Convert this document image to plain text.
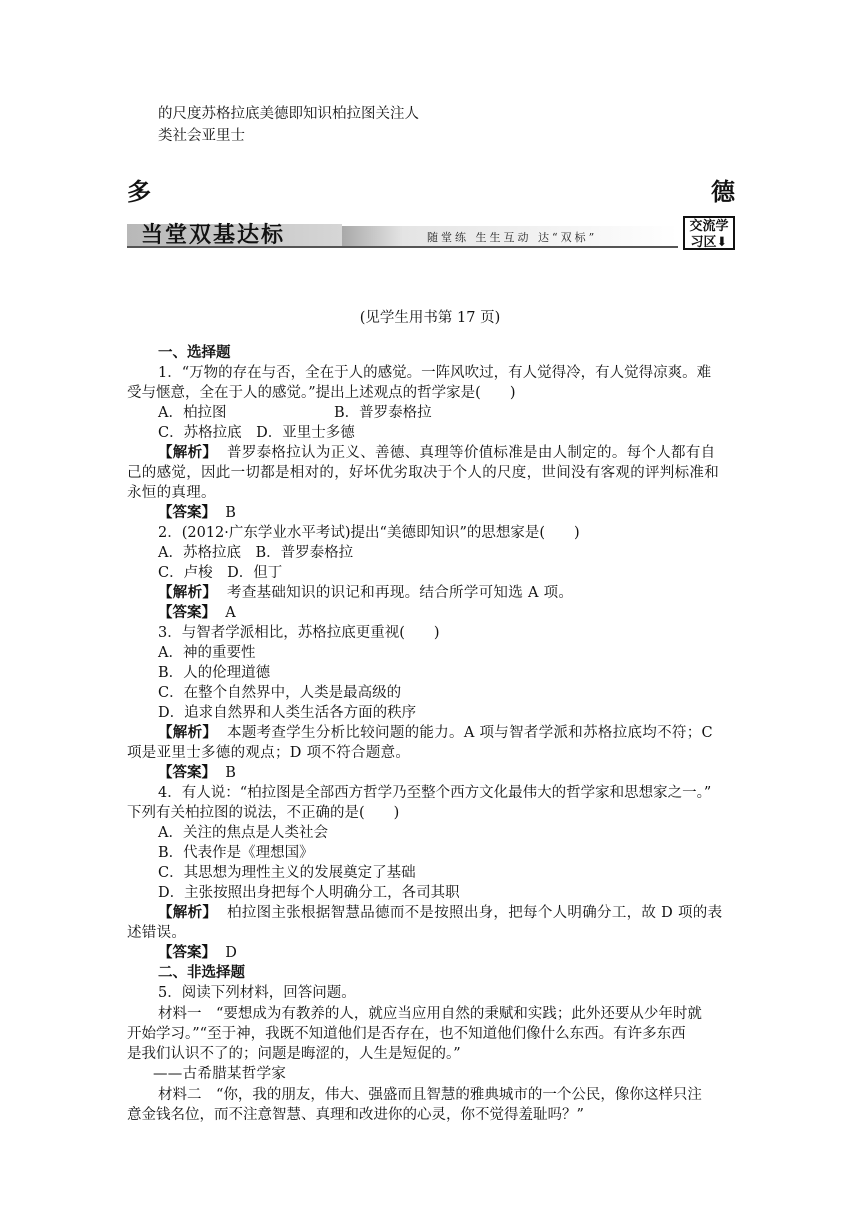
的尺度苏格拉底美德即知识柏拉图关注人
类社会亚里士
多	德
当堂双基达标	随堂练 生生互动 达“双标”
交流学
习区⬇
(见学生用书第 17 页)
一、选择题
1．“万物的存在与否，全在于人的感觉。一阵风吹过，有人觉得冷，有人觉得凉爽。难
受与惬意，全在于人的感觉。”提出上述观点的哲学家是(　　)
A．柏拉图	B．普罗泰格拉
C．苏格拉底　D．亚里士多德
【解析】 普罗泰格拉认为正义、善德、真理等价值标准是由人制定的。每个人都有自
己的感觉，因此一切都是相对的，好坏优劣取决于个人的尺度，世间没有客观的评判标准和
永恒的真理。
【答案】 B
2．(2012·广东学业水平考试)提出“美德即知识”的思想家是(　　)
A．苏格拉底　B．普罗泰格拉
C．卢梭　D．但丁
【解析】 考查基础知识的识记和再现。结合所学可知选 A 项。
【答案】 A
3．与智者学派相比，苏格拉底更重视(　　)
A．神的重要性
B．人的伦理道德
C．在整个自然界中，人类是最高级的
D．追求自然界和人类生活各方面的秩序
【解析】 本题考查学生分析比较问题的能力。A 项与智者学派和苏格拉底均不符；C
项是亚里士多德的观点；D 项不符合题意。
【答案】 B
4．有人说：“柏拉图是全部西方哲学乃至整个西方文化最伟大的哲学家和思想家之一。”
下列有关柏拉图的说法，不正确的是(　　)
A．关注的焦点是人类社会
B．代表作是《理想国》
C．其思想为理性主义的发展奠定了基础
D．主张按照出身把每个人明确分工，各司其职
【解析】 柏拉图主张根据智慧品德而不是按照出身，把每个人明确分工，故 D 项的表
述错误。
【答案】 D
二、非选择题
5．阅读下列材料，回答问题。
材料一　“要想成为有教养的人，就应当应用自然的秉赋和实践；此外还要从少年时就
开始学习。”“至于神，我既不知道他们是否存在，也不知道他们像什么东西。有许多东西
是我们认识不了的；问题是晦涩的，人生是短促的。”
——古希腊某哲学家
材料二　“你，我的朋友，伟大、强盛而且智慧的雅典城市的一个公民，像你这样只注
意金钱名位，而不注意智慧、真理和改进你的心灵，你不觉得羞耻吗？”
